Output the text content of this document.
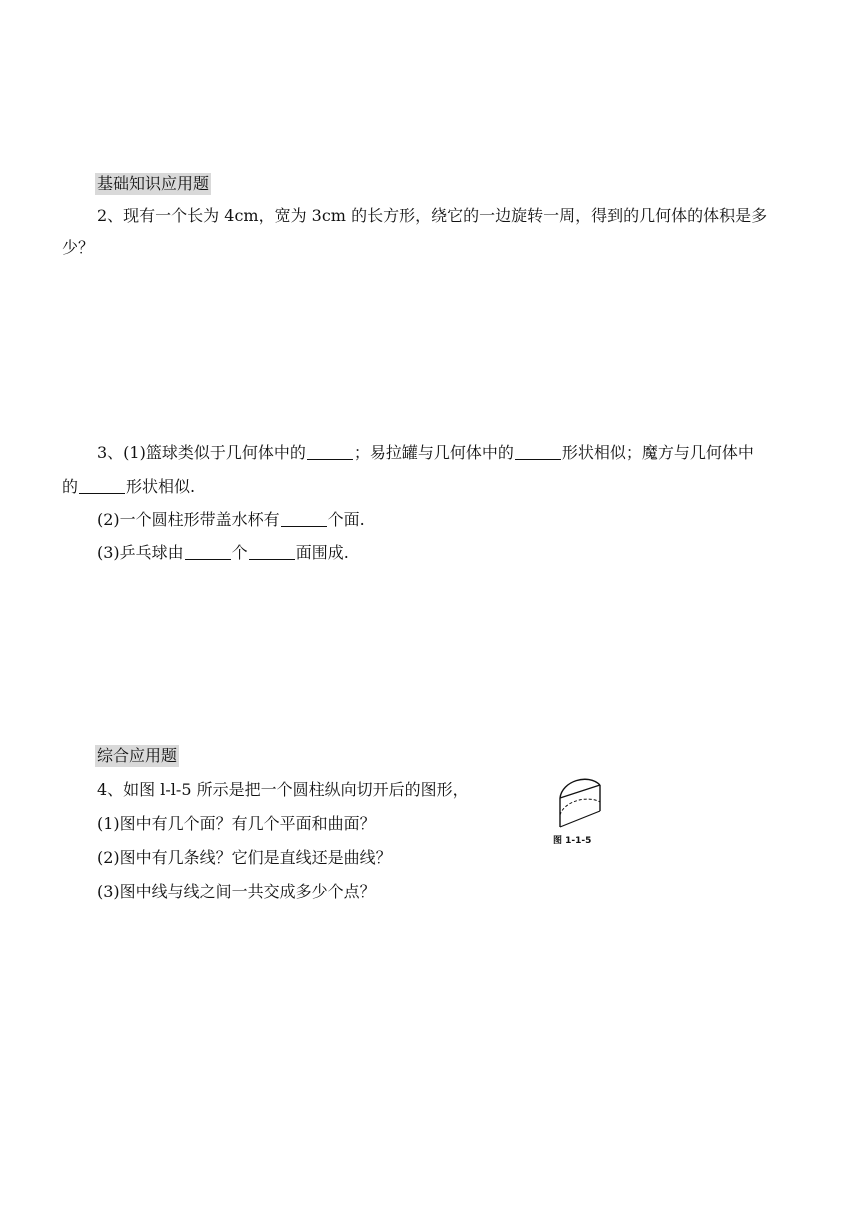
基础知识应用题
2、现有一个长为 4cm，宽为 3cm 的长方形，绕它的一边旋转一周，得到的几何体的体积是多
少？
3、(1)篮球类似于几何体中的	；易拉罐与几何体中的	形状相似；魔方与几何体中
的	形状相似.
(2)一个圆柱形带盖水杯有	个面.
(3)乒乓球由	个	面围成.
综合应用题
4、如图 l-l-5 所示是把一个圆柱纵向切开后的图形，
(1)图中有几个面？有几个平面和曲面？
(2)图中有几条线？它们是直线还是曲线？
(3)图中线与线之间一共交成多少个点？
图 1-1-5
